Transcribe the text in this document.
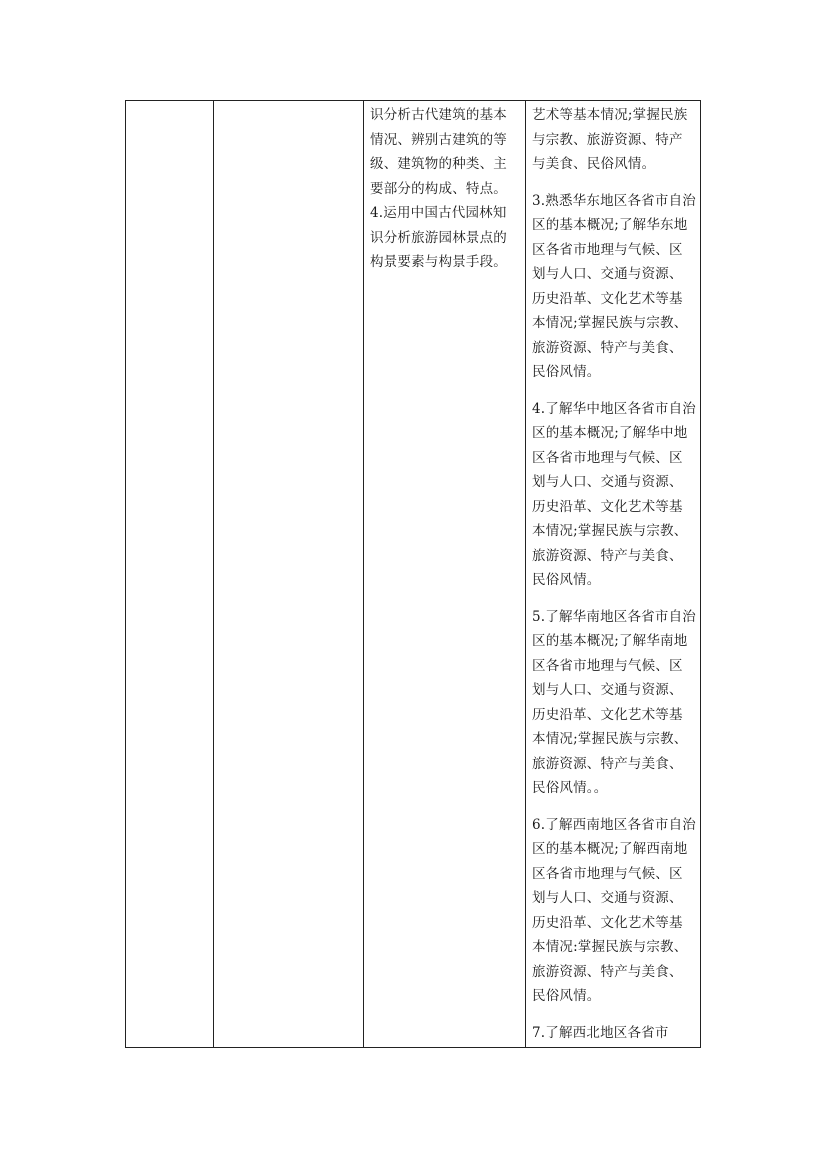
识分析古代建筑的基本情况、辨别古建筑的等级、建筑物的种类、主要部分的构成、特点。

4.运用中国古代园林知识分析旅游园林景点的构景要素与构景手段。

艺术等基本情况;掌握民族与宗教、旅游资源、特产与美食、民俗风情。

3.熟悉华东地区各省市自治区的基本概况;了解华东地区各省市地理与气候、区划与人口、交通与资源、历史沿革、文化艺术等基本情况;掌握民族与宗教、旅游资源、特产与美食、民俗风情。

4.了解华中地区各省市自治区的基本概况;了解华中地区各省市地理与气候、区划与人口、交通与资源、历史沿革、文化艺术等基本情况;掌握民族与宗教、旅游资源、特产与美食、民俗风情。

5.了解华南地区各省市自治区的基本概况;了解华南地区各省市地理与气候、区划与人口、交通与资源、历史沿革、文化艺术等基本情况;掌握民族与宗教、旅游资源、特产与美食、民俗风情。。

6.了解西南地区各省市自治区的基本概况;了解西南地区各省市地理与气候、区划与人口、交通与资源、历史沿革、文化艺术等基本情况:掌握民族与宗教、旅游资源、特产与美食、民俗风情。

7.了解西北地区各省市
